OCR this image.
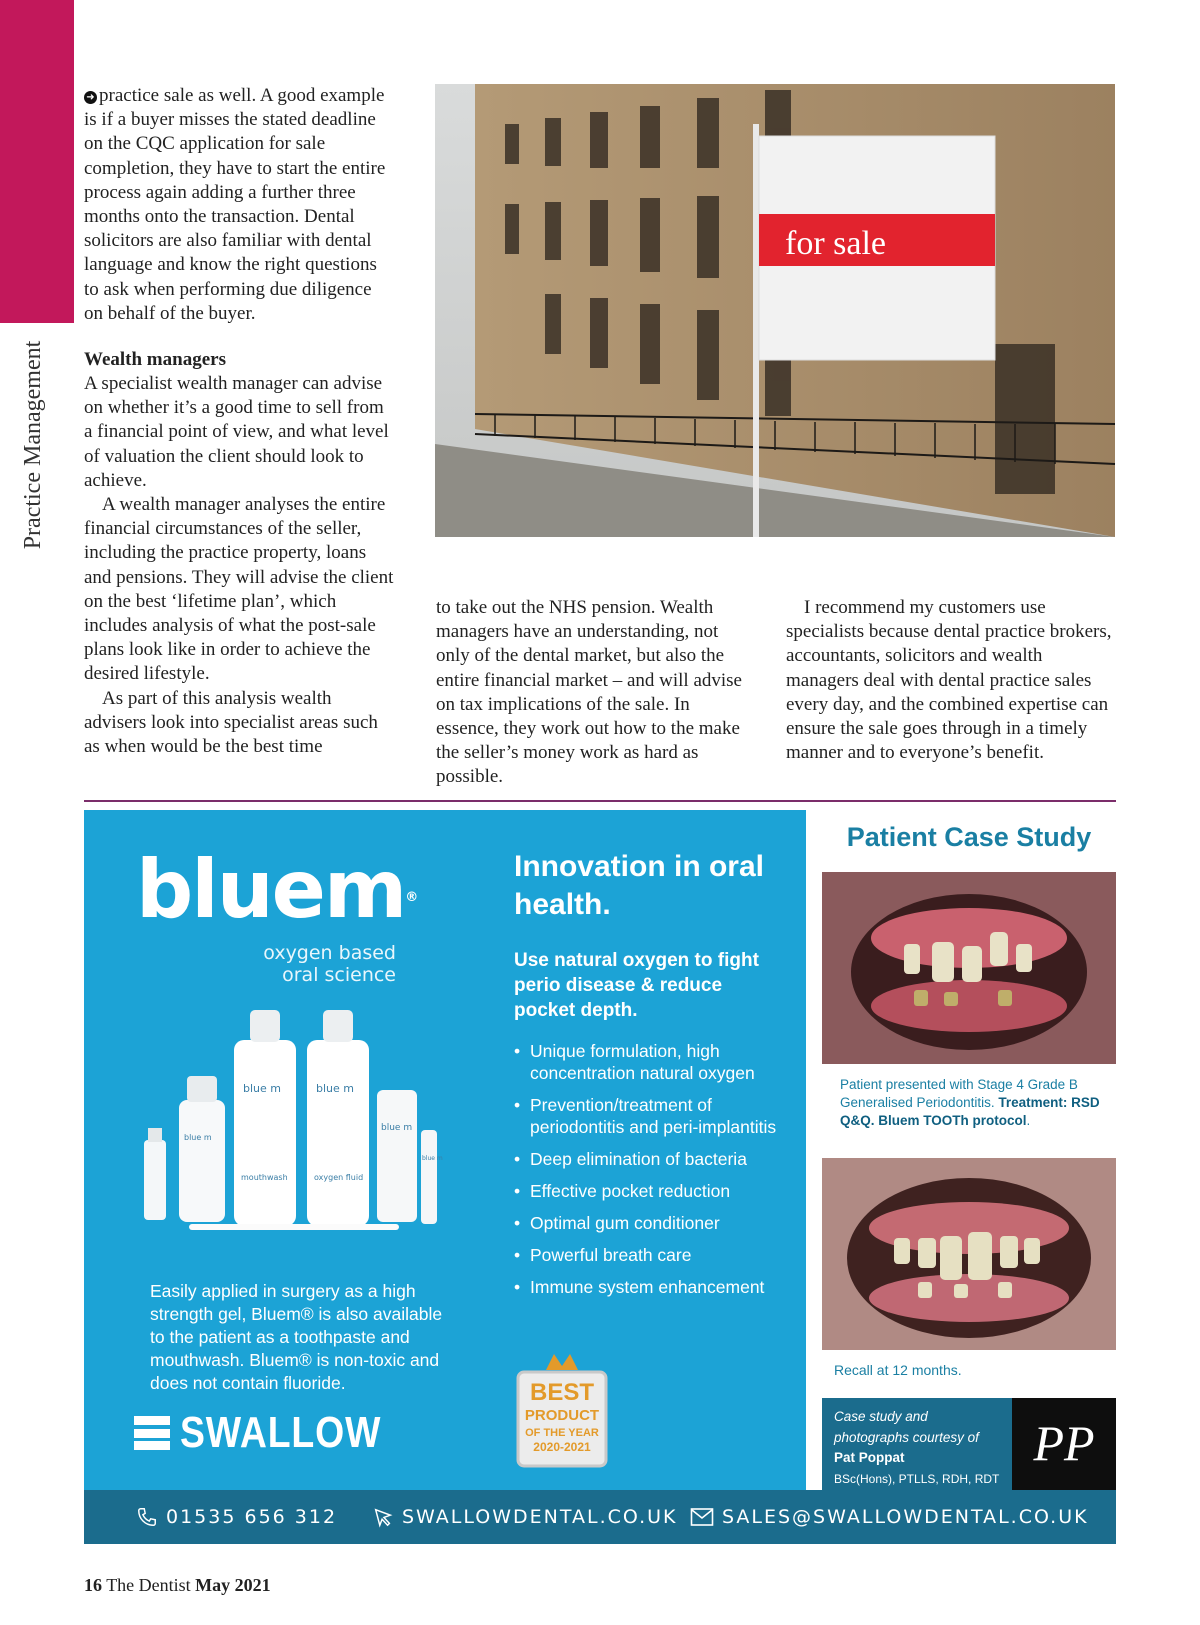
Practice Management

➜ practice sale as well. A good example is if a buyer misses the stated deadline on the CQC application for sale completion, they have to start the entire process again adding a further three months onto the transaction. Dental solicitors are also familiar with dental language and know the right questions to ask when performing due diligence on behalf of the buyer.

Wealth managers

A specialist wealth manager can advise on whether it’s a good time to sell from a financial point of view, and what level of valuation the client should look to achieve.

A wealth manager analyses the entire financial circumstances of the seller, including the practice property, loans and pensions. They will advise the client on the best ‘lifetime plan’, which includes analysis of what the post-sale plans look like in order to achieve the desired lifestyle.

As part of this analysis wealth advisers look into specialist areas such as when would be the best time

for sale

to take out the NHS pension. Wealth managers have an understanding, not only of the dental market, but also the entire financial market – and will advise on tax implications of the sale. In essence, they work out how to the make the seller’s money work as hard as possible.

I recommend my customers use specialists because dental practice brokers, accountants, solicitors and wealth managers deal with dental practice sales every day, and the combined expertise can ensure the sale goes through in a timely manner and to everyone’s benefit.

bluem®
oxygen based
oral science
blue m	blue m
blue m
blue m
blue m
mouthwash	oxygen fluid
Easily applied in surgery as a high strength gel, Bluem® is also available to the patient as a toothpaste and mouthwash. Bluem® is non-toxic and does not contain fluoride.
SWALLOW
Innovation in oral health.
Use natural oxygen to fight perio disease & reduce pocket depth.
• Unique formulation, high concentration natural oxygen
• Prevention/treatment of periodontitis and peri-implantitis
• Deep elimination of bacteria
• Effective pocket reduction
• Optimal gum conditioner
• Powerful breath care
• Immune system enhancement
BEST
PRODUCT
OF THE YEAR
2020-2021
Patient Case Study
Patient presented with Stage 4 Grade B Generalised Periodontitis. Treatment: RSD Q&Q. Bluem TOOTh protocol.
Recall at 12 months.
Case study and
photographs courtesy of
Pat Poppat
BSc(Hons), PTLLS, RDH, RDT
PP
01535 656 312	SWALLOWDENTAL.CO.UK SALES@SWALLOWDENTAL.CO.UK
16 The Dentist May 2021
